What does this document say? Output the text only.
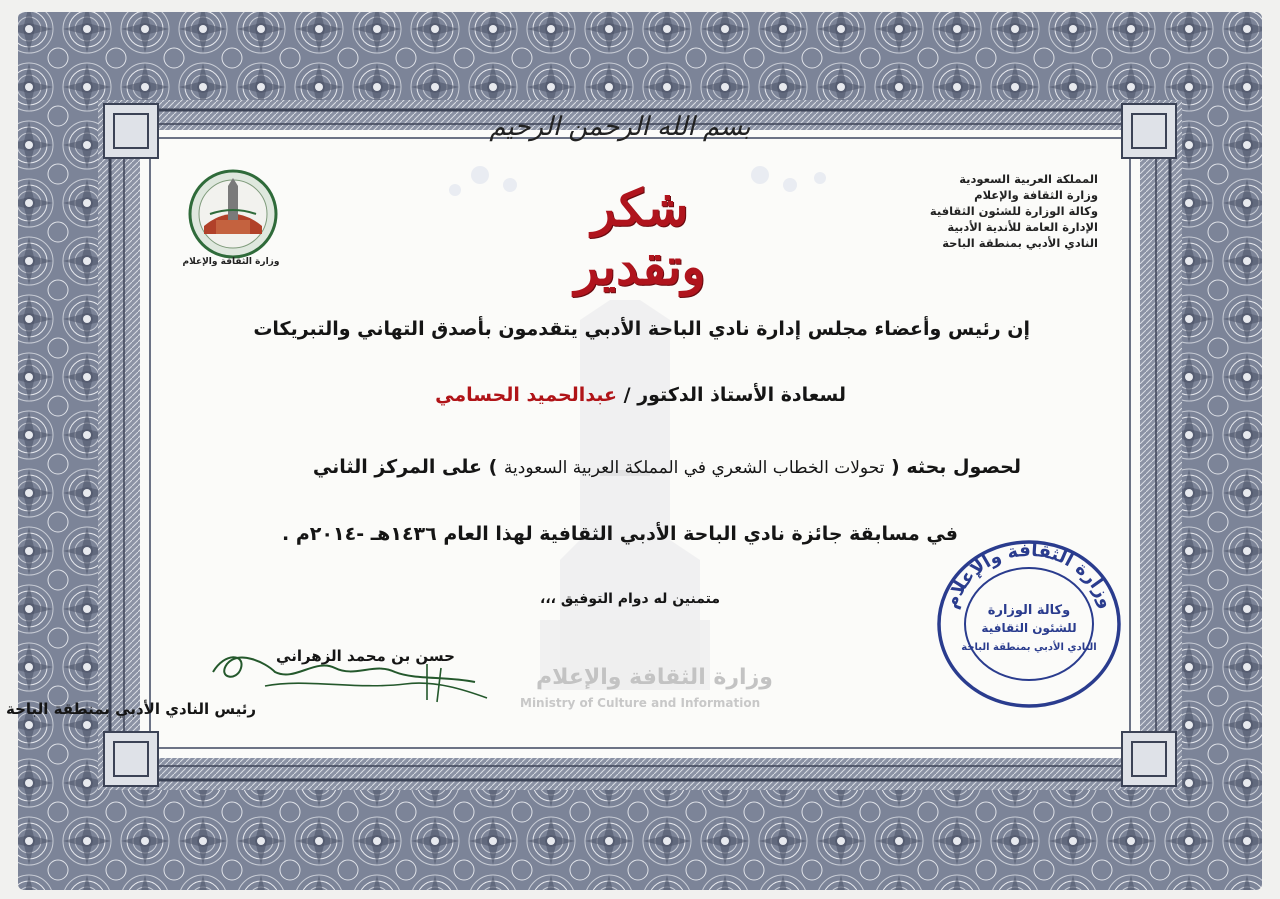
بسم الله الرحمن الرحيم
شكر وتقدير
المملكة العربية السعودية
وزارة الثقافة والإعلام
وكالة الوزارة للشئون الثقافية
الإدارة العامة للأندية الأدبية
النادي الأدبي بمنطقة الباحة
وزارة الثقافة والإعلام
إن رئيس وأعضاء مجلس إدارة نادي الباحة الأدبي يتقدمون بأصدق التهاني والتبريكات
لسعادة الأستاذ الدكتور / عبدالحميد الحسامي
لحصول بحثه ( تحولات الخطاب الشعري في المملكة العربية السعودية ) على المركز الثاني
في مسابقة جائزة نادي الباحة الأدبي الثقافية لهذا العام ١٤٣٦هـ -٢٠١٤م .
متمنين له دوام التوفيق ،،،
حسن بن محمد الزهراني
رئيس النادي الأدبي بمنطقة الباحة
وزارة الثقافة والإعلام
Ministry of Culture and Information
وزارة الثقافة والإعلام
وكالة الوزارة
للشئون الثقافية
النادي الأدبي بمنطقة الباحة
